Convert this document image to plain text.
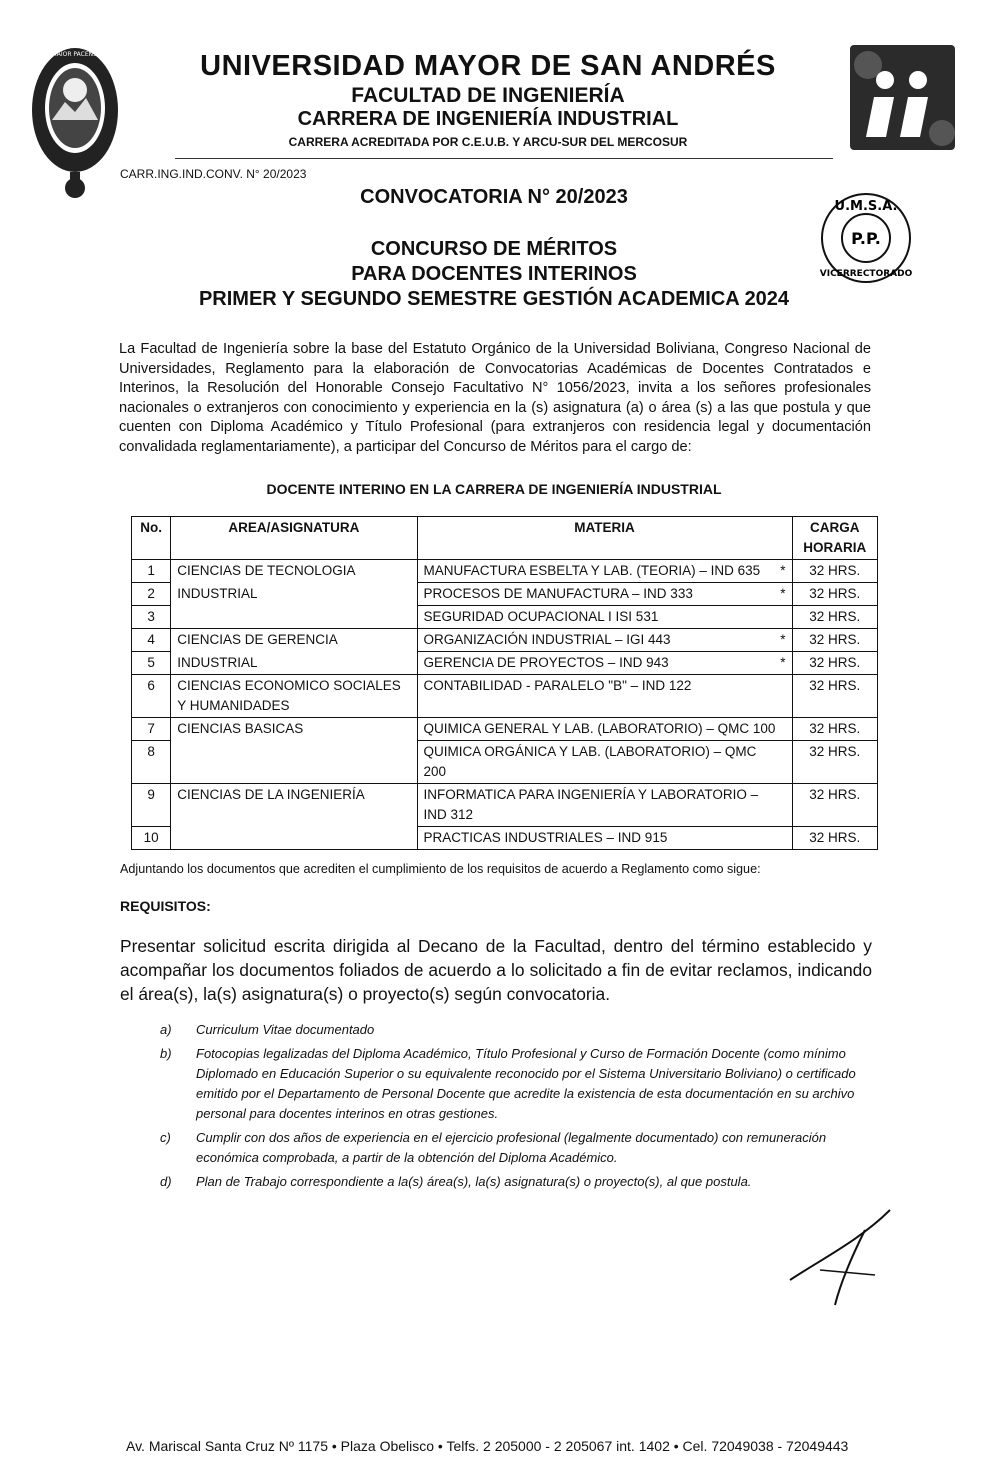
UNIVERSITAS MAIOR PACENSIS DIVI ANDRE	UNIVERSIDAD MAYOR DE SAN ANDRÉS
FACULTAD DE INGENIERÍA
CARRERA DE INGENIERÍA INDUSTRIAL
CARRERA ACREDITADA POR C.E.U.B. Y ARCU-SUR DEL MERCOSUR
CARR.ING.IND.CONV. N° 20/2023
U.M.S.A.
P.P.
VICERRECTORADO
CONVOCATORIA N° 20/2023
CONCURSO DE MÉRITOS
PARA DOCENTES INTERINOS
PRIMER Y SEGUNDO SEMESTRE GESTIÓN ACADEMICA 2024
La Facultad de Ingeniería sobre la base del Estatuto Orgánico de la Universidad Boliviana, Congreso Nacional de Universidades, Reglamento para la elaboración de Convocatorias Académicas de Docentes Contratados e Interinos, la Resolución del Honorable Consejo Facultativo N° 1056/2023, invita a los señores profesionales nacionales o extranjeros con conocimiento y experiencia en la (s) asignatura (a) o área (s) a las que postula y que cuenten con Diploma Académico y Título Profesional (para extranjeros con residencia legal y documentación convalidada reglamentariamente), a participar del Concurso de Méritos para el cargo de:
DOCENTE INTERINO EN LA CARRERA DE INGENIERÍA INDUSTRIAL
No.	AREA/ASIGNATURA	MATERIA	CARGA HORARIA
1	CIENCIAS DE TECNOLOGIA	MANUFACTURA ESBELTA Y LAB. (TEORIA) – IND 635 *	32 HRS.
2	INDUSTRIAL	PROCESOS DE MANUFACTURA – IND 333 *	32 HRS.
3		SEGURIDAD OCUPACIONAL I ISI 531	32 HRS.
4	CIENCIAS DE GERENCIA	ORGANIZACIÓN INDUSTRIAL – IGI 443 *	32 HRS.
5	INDUSTRIAL	GERENCIA DE PROYECTOS – IND 943 *	32 HRS.
6	CIENCIAS ECONOMICO SOCIALES Y HUMANIDADES	CONTABILIDAD - PARALELO "B" – IND 122	32 HRS.
7	CIENCIAS BASICAS	QUIMICA GENERAL Y LAB. (LABORATORIO) – QMC 100	32 HRS.
8		QUIMICA ORGÁNICA Y LAB. (LABORATORIO) – QMC 200	32 HRS.
9	CIENCIAS DE LA INGENIERÍA	INFORMATICA PARA INGENIERÍA Y LABORATORIO – IND 312	32 HRS.
10		PRACTICAS INDUSTRIALES – IND 915	32 HRS.
Adjuntando los documentos que acrediten el cumplimiento de los requisitos de acuerdo a Reglamento como sigue:
REQUISITOS:
Presentar solicitud escrita dirigida al Decano de la Facultad, dentro del término establecido y acompañar los documentos foliados de acuerdo a lo solicitado a fin de evitar reclamos, indicando el área(s), la(s) asignatura(s) o proyecto(s) según convocatoria.
a)	Curriculum Vitae documentado
b)	Fotocopias legalizadas del Diploma Académico, Título Profesional y Curso de Formación Docente (como mínimo Diplomado en Educación Superior o su equivalente reconocido por el Sistema Universitario Boliviano) o certificado emitido por el Departamento de Personal Docente que acredite la existencia de esta documentación en su archivo personal para docentes interinos en otras gestiones.
c)	Cumplir con dos años de experiencia en el ejercicio profesional (legalmente documentado) con remuneración económica comprobada, a partir de la obtención del Diploma Académico.
d)	Plan de Trabajo correspondiente a la(s) área(s), la(s) asignatura(s) o proyecto(s), al que postula.
Av. Mariscal Santa Cruz Nº 1175 • Plaza Obelisco • Telfs. 2 205000 - 2 205067 int. 1402 • Cel. 72049038 - 72049443
